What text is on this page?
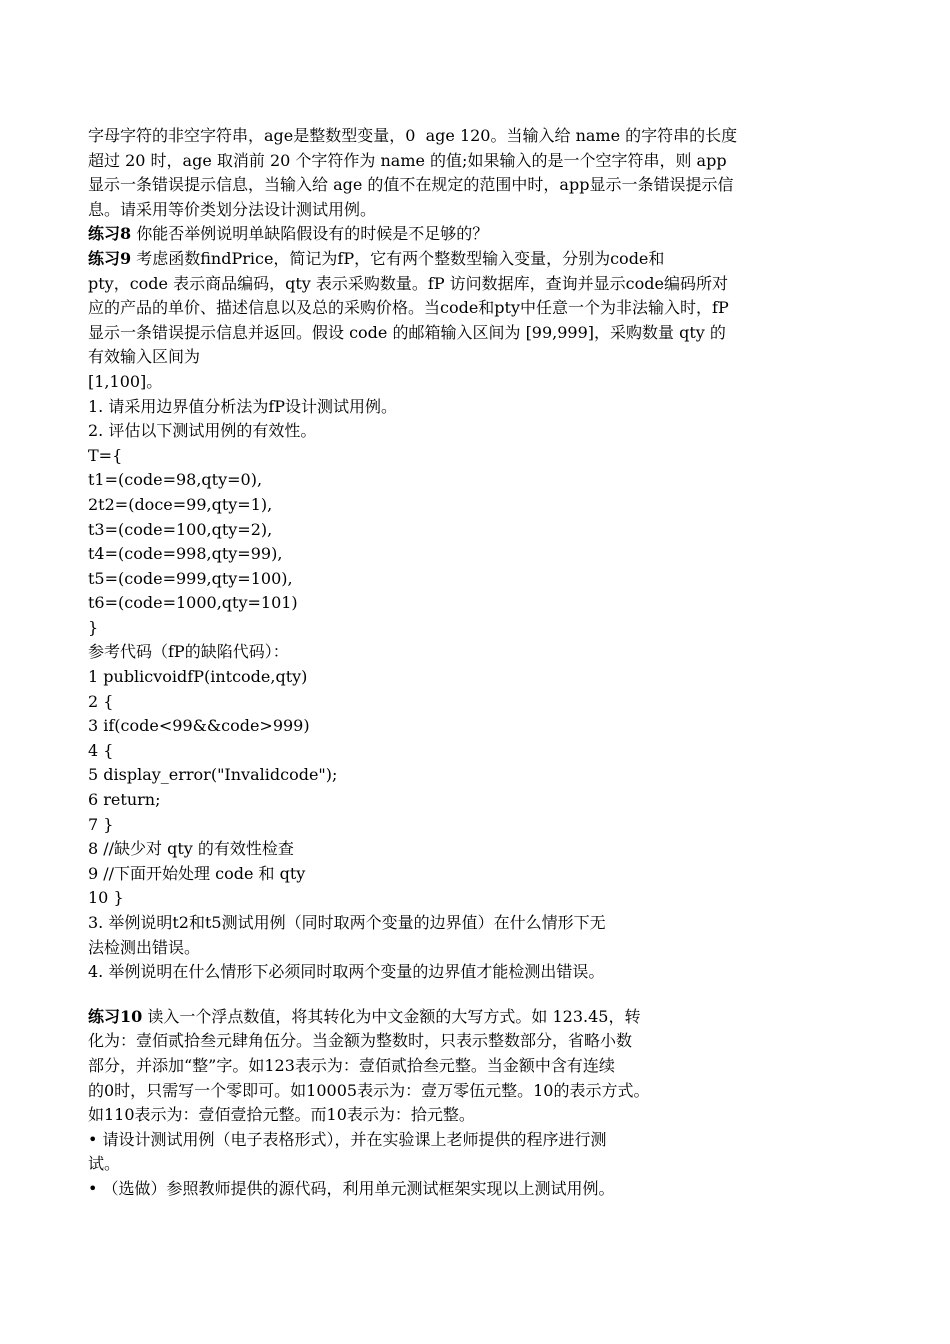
字母字符的非空字符串，age是整数型变量，0  age 120。当输入给 name 的字符串的长度
超过 20 时，age 取消前 20 个字符作为 name 的值;如果输入的是一个空字符串，则 app
显示一条错误提示信息，当输入给 age 的值不在规定的范围中时，app显示一条错误提示信
息。请采用等价类划分法设计测试用例。
练习8 你能否举例说明单缺陷假设有的时候是不足够的？
练习9 考虑函数findPrice，简记为fP，它有两个整数型输入变量，分别为code和
pty，code 表示商品编码，qty 表示采购数量。fP 访问数据库，查询并显示code编码所对
应的产品的单价、描述信息以及总的采购价格。当code和pty中任意一个为非法输入时，fP
显示一条错误提示信息并返回。假设 code 的邮箱输入区间为 [99,999]，采购数量 qty 的
有效输入区间为
[1,100]。
1. 请采用边界值分析法为fP设计测试用例。
2. 评估以下测试用例的有效性。
T={
t1=(code=98,qty=0),
2t2=(doce=99,qty=1),
t3=(code=100,qty=2),
t4=(code=998,qty=99),
t5=(code=999,qty=100),
t6=(code=1000,qty=101)
}
参考代码（fP的缺陷代码）：
1 publicvoidfP(intcode,qty)
2 {
3 if(code<99&&code>999)
4 {
5 display_error("Invalidcode");
6 return;
7 }
8 //缺少对 qty 的有效性检查
9 //下面开始处理 code 和 qty
10 }
3. 举例说明t2和t5测试用例（同时取两个变量的边界值）在什么情形下无
法检测出错误。
4. 举例说明在什么情形下必须同时取两个变量的边界值才能检测出错误。
练习10 读入一个浮点数值，将其转化为中文金额的大写方式。如 123.45，转
化为：壹佰贰拾叁元肆角伍分。当金额为整数时，只表示整数部分，省略小数
部分，并添加“整”字。如123表示为：壹佰贰拾叁元整。当金额中含有连续
的0时，只需写一个零即可。如10005表示为：壹万零伍元整。10的表示方式。
如110表示为：壹佰壹拾元整。而10表示为：拾元整。
• 请设计测试用例（电子表格形式），并在实验课上老师提供的程序进行测
试。
• （选做）参照教师提供的源代码，利用单元测试框架实现以上测试用例。
